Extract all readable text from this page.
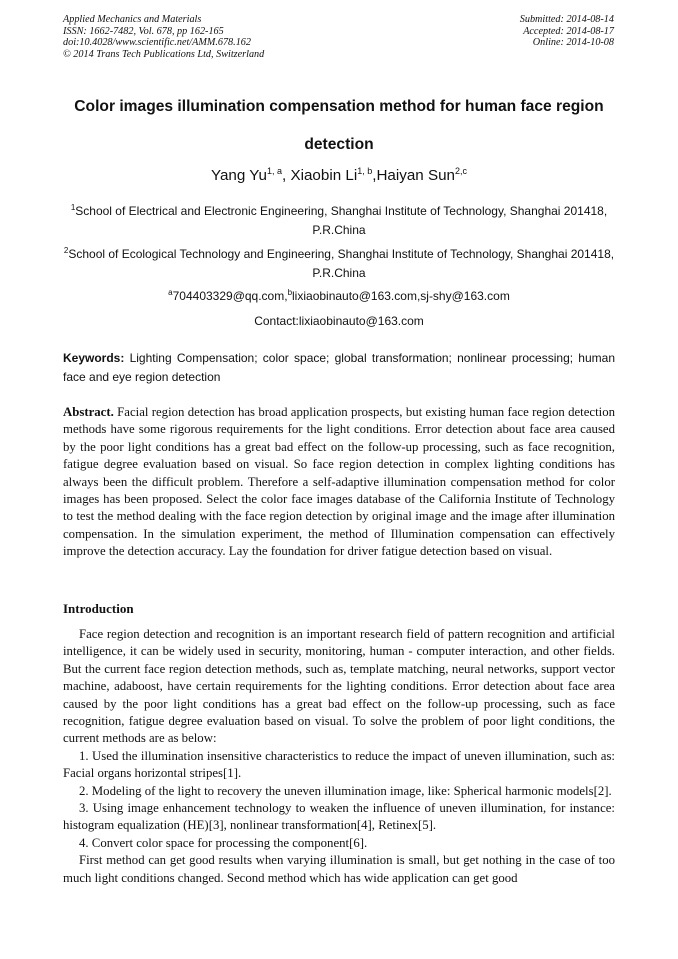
Applied Mechanics and Materials
ISSN: 1662-7482, Vol. 678, pp 162-165
doi:10.4028/www.scientific.net/AMM.678.162
© 2014 Trans Tech Publications Ltd, Switzerland
Submitted: 2014-08-14
Accepted: 2014-08-17
Online: 2014-10-08
Color images illumination compensation method for human face region detection
Yang Yu$^{1, a}$, Xiaobin Li$^{1, b}$,Haiyan Sun$^{2,c}$
$^1$School of Electrical and Electronic Engineering, Shanghai Institute of Technology, Shanghai 201418, P.R.China
$^2$School of Ecological Technology and Engineering, Shanghai Institute of Technology, Shanghai 201418, P.R.China
$^a$704403329@qq.com,$^b$lixiaobinauto@163.com,sj-shy@163.com
Contact:lixiaobinauto@163.com
Keywords: Lighting Compensation; color space; global transformation; nonlinear processing; human face and eye region detection
Abstract. Facial region detection has broad application prospects, but existing human face region detection methods have some rigorous requirements for the light conditions. Error detection about face area caused by the poor light conditions has a great bad effect on the follow-up processing, such as face recognition, fatigue degree evaluation based on visual. So face region detection in complex lighting conditions has always been the difficult problem. Therefore a self-adaptive illumination compensation method for color images has been proposed. Select the color face images database of the California Institute of Technology to test the method dealing with the face region detection by original image and the image after illumination compensation. In the simulation experiment, the method of Illumination compensation can effectively improve the detection accuracy. Lay the foundation for driver fatigue detection based on visual.
Introduction

Face region detection and recognition is an important research field of pattern recognition and artificial intelligence, it can be widely used in security, monitoring, human - computer interaction, and other fields. But the current face region detection methods, such as, template matching, neural networks, support vector machine, adaboost, have certain requirements for the lighting conditions. Error detection about face area caused by the poor light conditions has a great bad effect on the follow-up processing, such as face recognition, fatigue degree evaluation based on visual. To solve the problem of poor light conditions, the current methods are as below:

1. Used the illumination insensitive characteristics to reduce the impact of uneven illumination, such as: Facial organs horizontal stripes[1].

2. Modeling of the light to recovery the uneven illumination image, like: Spherical harmonic models[2].

3. Using image enhancement technology to weaken the influence of uneven illumination, for instance: histogram equalization (HE)[3], nonlinear transformation[4], Retinex[5].

4. Convert color space for processing the component[6].

First method can get good results when varying illumination is small, but get nothing in the case of too much light conditions changed. Second method which has wide application can get good
